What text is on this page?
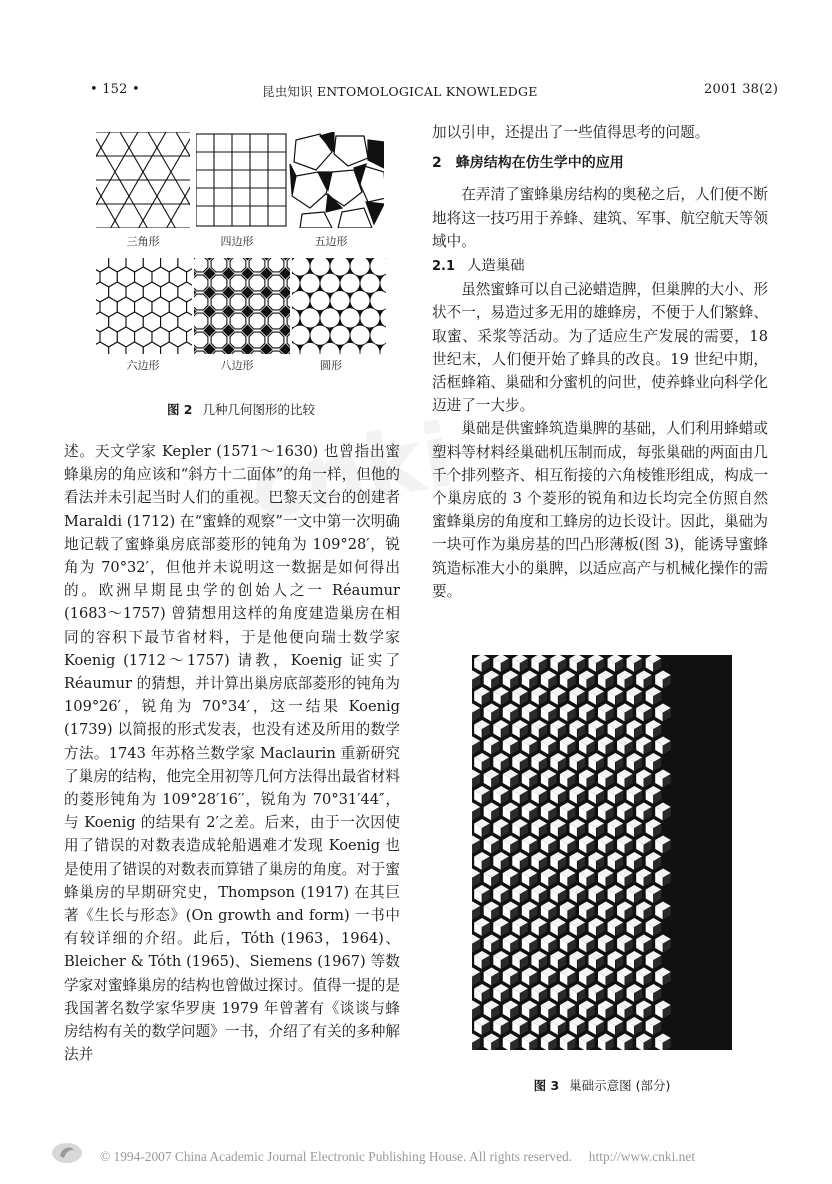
• 152 •	昆虫知识 ENTOMOLOGICAL KNOWLEDGE	2001 38(2)
三角形	四边形	五边形
六边形	八边形	圆形
图 2 几种几何图形的比较

述。天文学家 Kepler (1571～1630) 也曾指出蜜蜂巢房的角应该和“斜方十二面体”的角一样，但他的看法并未引起当时人们的重视。巴黎天文台的创建者 Maraldi (1712) 在“蜜蜂的观察”一文中第一次明确地记载了蜜蜂巢房底部菱形的钝角为 109°28′，锐角为 70°32′，但他并未说明这一数据是如何得出的。欧洲早期昆虫学的创始人之一 Réaumur (1683～1757) 曾猜想用这样的角度建造巢房在相同的容积下最节省材料，于是他便向瑞士数学家 Koenig (1712～1757) 请教，Koenig 证实了 Réaumur 的猜想，并计算出巢房底部菱形的钝角为 109°26′，锐角为 70°34′，这一结果 Koenig (1739) 以简报的形式发表，也没有述及所用的数学方法。1743 年苏格兰数学家 Maclaurin 重新研究了巢房的结构，他完全用初等几何方法得出最省材料的菱形钝角为 109°28′16′′，锐角为 70°31′44″，与 Koenig 的结果有 2′之差。后来，由于一次因使用了错误的对数表造成轮船遇难才发现 Koenig 也是使用了错误的对数表而算错了巢房的角度。对于蜜蜂巢房的早期研究史，Thompson (1917) 在其巨著《生长与形态》(On growth and form) 一书中有较详细的介绍。此后，Tóth (1963，1964)、Bleicher & Tóth (1965)、Siemens (1967) 等数学家对蜜蜂巢房的结构也曾做过探讨。值得一提的是我国著名数学家华罗庚 1979 年曾著有《谈谈与蜂房结构有关的数学问题》一书，介绍了有关的多种解法并

加以引申，还提出了一些值得思考的问题。

2　蜂房结构在仿生学中的应用

在弄清了蜜蜂巢房结构的奥秘之后，人们便不断地将这一技巧用于养蜂、建筑、军事、航空航天等领域中。

2.1 人造巢础

虽然蜜蜂可以自己泌蜡造脾，但巢脾的大小、形状不一，易造过多无用的雄蜂房，不便于人们繁蜂、取蜜、采浆等活动。为了适应生产发展的需要，18 世纪末，人们便开始了蜂具的改良。19 世纪中期，活框蜂箱、巢础和分蜜机的问世，使养蜂业向科学化迈进了一大步。

巢础是供蜜蜂筑造巢脾的基础，人们利用蜂蜡或塑料等材料经巢础机压制而成，每张巢础的两面由几千个排列整齐、相互衔接的六角棱锥形组成，构成一个巢房底的 3 个菱形的锐角和边长均完全仿照自然蜜蜂巢房的角度和工蜂房的边长设计。因此，巢础为一块可作为巢房基的凹凸形薄板(图 3)，能诱导蜜蜂筑造标准大小的巢脾，以适应高产与机械化操作的需要。

图 3 巢础示意图 (部分)
© 1994-2007 China Academic Journal Electronic Publishing House. All rights reserved.　 http://www.cnki.net
